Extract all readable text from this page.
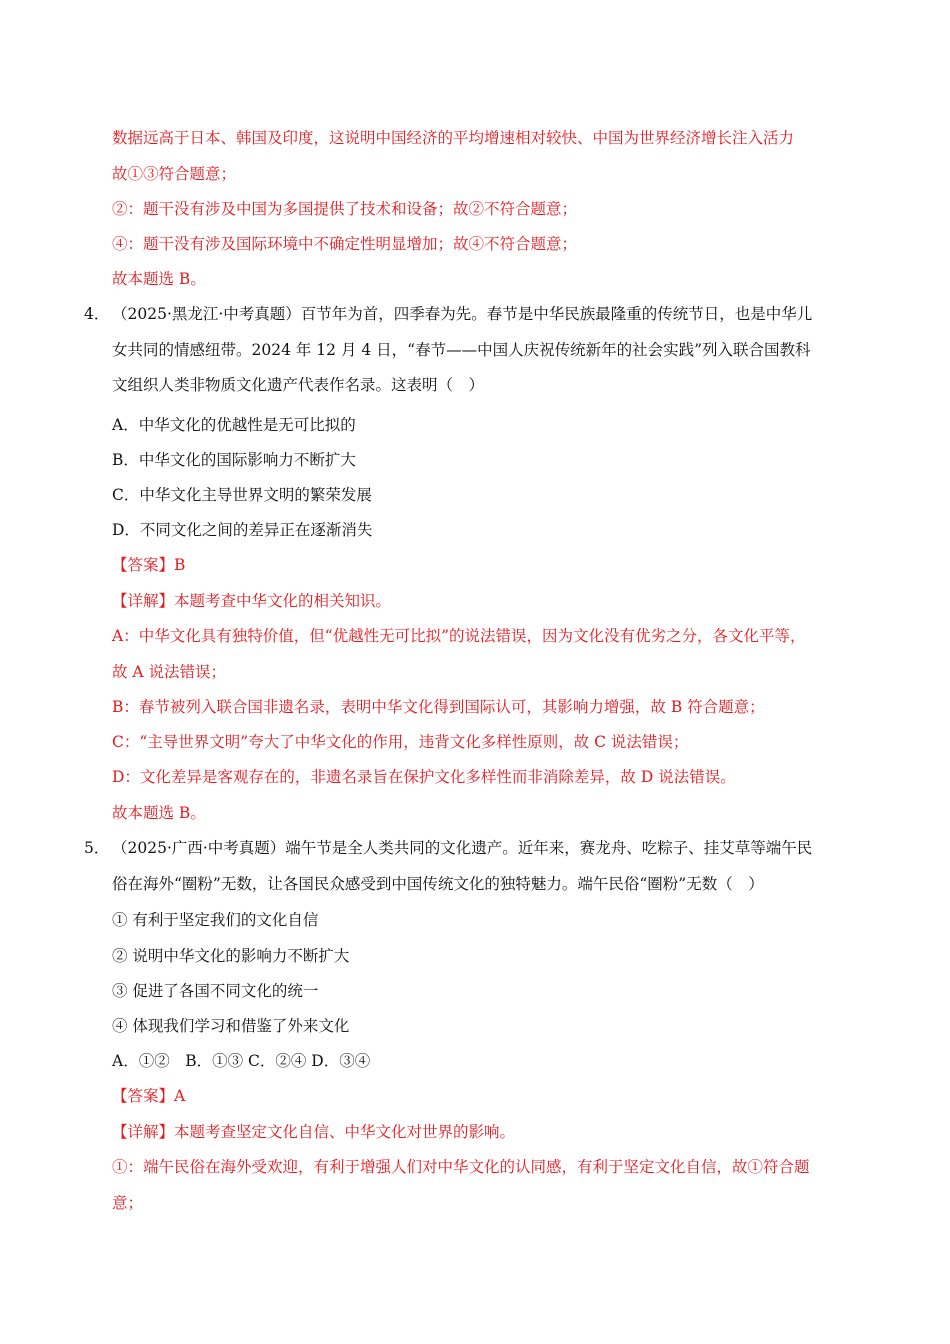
数据远高于日本、韩国及印度，这说明中国经济的平均增速相对较快、中国为世界经济增长注入活力
故①③符合题意；
②：题干没有涉及中国为多国提供了技术和设备；故②不符合题意；
④：题干没有涉及国际环境中不确定性明显增加；故④不符合题意；
故本题选 B。
4． （2025·黑龙江·中考真题）百节年为首，四季春为先。春节是中华民族最隆重的传统节日，也是中华儿
女共同的情感纽带。2024 年 12 月 4 日，“春节——中国人庆祝传统新年的社会实践”列入联合国教科
文组织人类非物质文化遗产代表作名录。这表明（　）
A．中华文化的优越性是无可比拟的
B．中华文化的国际影响力不断扩大
C．中华文化主导世界文明的繁荣发展
D．不同文化之间的差异正在逐渐消失
【答案】B
【详解】本题考查中华文化的相关知识。
A：中华文化具有独特价值，但“优越性无可比拟”的说法错误，因为文化没有优劣之分，各文化平等，
故 A 说法错误；
B：春节被列入联合国非遗名录，表明中华文化得到国际认可，其影响力增强，故 B 符合题意；
C：“主导世界文明”夸大了中华文化的作用，违背文化多样性原则，故 C 说法错误；
D：文化差异是客观存在的，非遗名录旨在保护文化多样性而非消除差异，故 D 说法错误。
故本题选 B。
5． （2025·广西·中考真题）端午节是全人类共同的文化遗产。近年来，赛龙舟、吃粽子、挂艾草等端午民
俗在海外“圈粉”无数，让各国民众感受到中国传统文化的独特魅力。端午民俗“圈粉”无数（　）
① 有利于坚定我们的文化自信
② 说明中华文化的影响力不断扩大
③ 促进了各国不同文化的统一
④ 体现我们学习和借鉴了外来文化
A．①②　B．①③ C．②④ D．③④
【答案】A
【详解】本题考查坚定文化自信、中华文化对世界的影响。
①：端午民俗在海外受欢迎，有利于增强人们对中华文化的认同感，有利于坚定文化自信，故①符合题
意；
